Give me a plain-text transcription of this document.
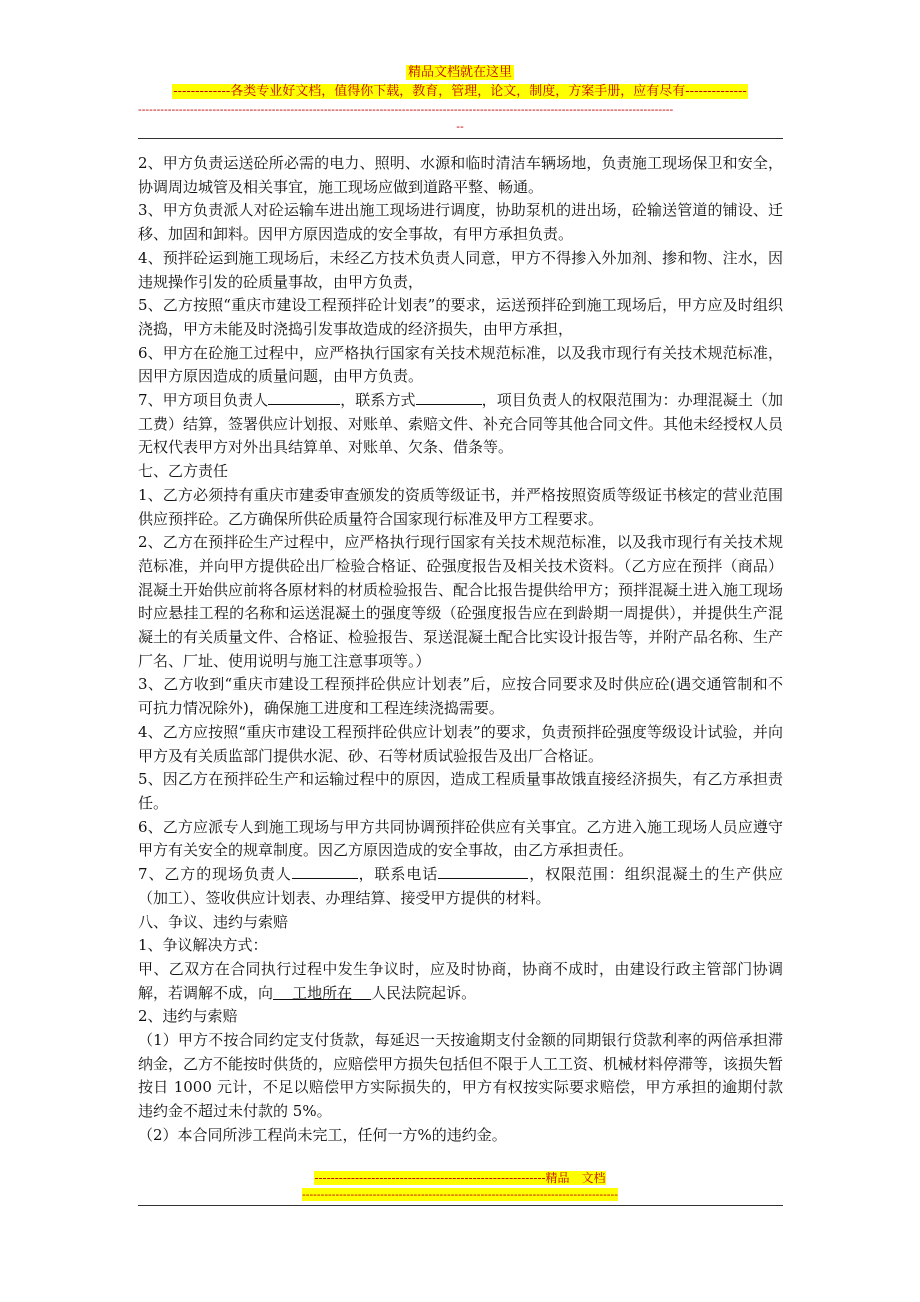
精品文档就在这里
-------------各类专业好文档，值得你下载，教育，管理，论文，制度，方案手册，应有尽有--------------
------------------------------------------------------------------------------------------------------------------------------------------------
--

2、甲方负责运送砼所必需的电力、照明、水源和临时清洁车辆场地，负责施工现场保卫和安全，协调周边城管及相关事宜，施工现场应做到道路平整、畅通。

3、甲方负责派人对砼运输车进出施工现场进行调度，协助泵机的进出场，砼输送管道的铺设、迁移、加固和卸料。因甲方原因造成的安全事故，有甲方承担负责。

4、预拌砼运到施工现场后，未经乙方技术负责人同意，甲方不得掺入外加剂、掺和物、注水，因违规操作引发的砼质量事故，由甲方负责，

5、乙方按照“重庆市建设工程预拌砼计划表”的要求，运送预拌砼到施工现场后，甲方应及时组织浇捣，甲方未能及时浇捣引发事故造成的经济损失，由甲方承担，

6、甲方在砼施工过程中，应严格执行国家有关技术规范标准，以及我市现行有关技术规范标准，因甲方原因造成的质量问题，由甲方负责。

7、甲方项目负责人	，联系方式	，项目负责人的权限范围为：办理混凝土（加工费）结算，签署供应计划报、对账单、索赔文件、补充合同等其他合同文件。其他未经授权人员无权代表甲方对外出具结算单、对账单、欠条、借条等。

七、乙方责任

1、乙方必须持有重庆市建委审查颁发的资质等级证书，并严格按照资质等级证书核定的营业范围供应预拌砼。乙方确保所供砼质量符合国家现行标准及甲方工程要求。

2、乙方在预拌砼生产过程中，应严格执行现行国家有关技术规范标准，以及我市现行有关技术规范标准，并向甲方提供砼出厂检验合格证、砼强度报告及相关技术资料。（乙方应在预拌（商品）混凝土开始供应前将各原材料的材质检验报告、配合比报告提供给甲方；预拌混凝土进入施工现场时应悬挂工程的名称和运送混凝土的强度等级（砼强度报告应在到龄期一周提供），并提供生产混凝土的有关质量文件、合格证、检验报告、泵送混凝土配合比实设计报告等，并附产品名称、生产厂名、厂址、使用说明与施工注意事项等。）

3、乙方收到“重庆市建设工程预拌砼供应计划表”后，应按合同要求及时供应砼(遇交通管制和不可抗力情况除外)，确保施工进度和工程连续浇捣需要。

4、乙方应按照“重庆市建设工程预拌砼供应计划表”的要求，负责预拌砼强度等级设计试验，并向甲方及有关质监部门提供水泥、砂、石等材质试验报告及出厂合格证。

5、因乙方在预拌砼生产和运输过程中的原因，造成工程质量事故饿直接经济损失，有乙方承担责任。

6、乙方应派专人到施工现场与甲方共同协调预拌砼供应有关事宜。乙方进入施工现场人员应遵守甲方有关安全的规章制度。因乙方原因造成的安全事故，由乙方承担责任。

7、乙方的现场负责人	，联系电话	，权限范围：组织混凝土的生产供应（加工）、签收供应计划表、办理结算、接受甲方提供的材料。

八、争议、违约与索赔

1、争议解决方式：

甲、乙双方在合同执行过程中发生争议时，应及时协商，协商不成时，由建设行政主管部门协调解，若调解不成，向    工地所在    人民法院起诉。

2、违约与索赔

（1）甲方不按合同约定支付货款，每延迟一天按逾期支付金额的同期银行贷款利率的两倍承担滞纳金，乙方不能按时供货的，应赔偿甲方损失包括但不限于人工工资、机械材料停滞等，该损失暂按日 1000 元计，不足以赔偿甲方实际损失的，甲方有权按实际要求赔偿，甲方承担的逾期付款违约金不超过未付款的 5%。

（2）本合同所涉工程尚未完工，任何一方%的违约金。

---------------------------------------------------------精品　文档
-------------------------------------------------------------------------------------
